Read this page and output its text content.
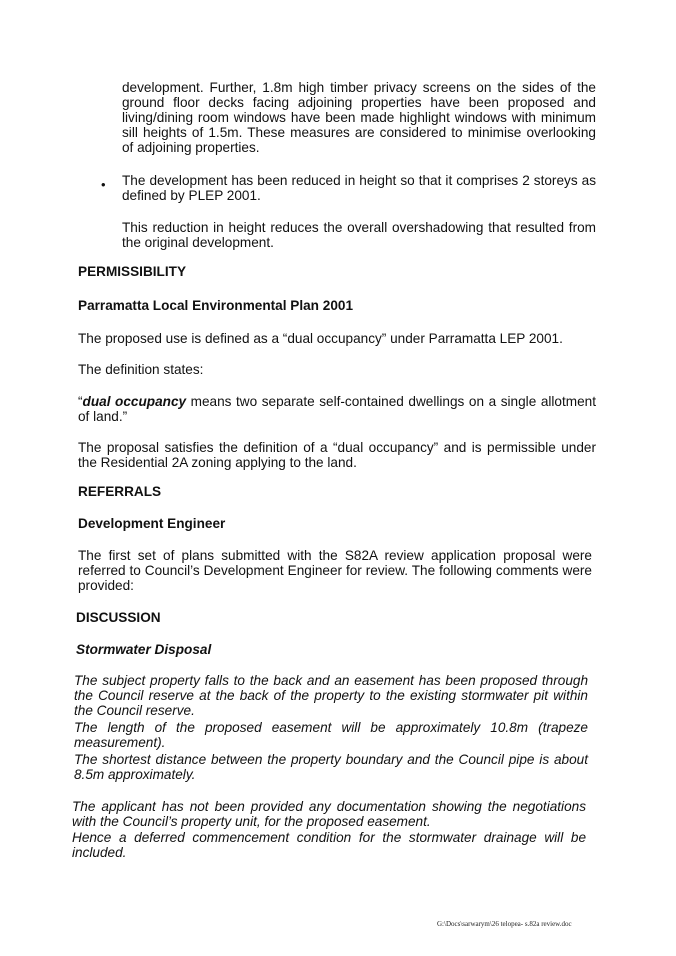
development. Further, 1.8m high timber privacy screens on the sides of the ground floor decks facing adjoining properties have been proposed and living/dining room windows have been made highlight windows with minimum sill heights of 1.5m. These measures are considered to minimise overlooking of adjoining properties.
• The development has been reduced in height so that it comprises 2 storeys as defined by PLEP 2001.
This reduction in height reduces the overall overshadowing that resulted from the original development.
PERMISSIBILITY
Parramatta Local Environmental Plan 2001
The proposed use is defined as a “dual occupancy” under Parramatta LEP 2001.
The definition states:
“dual occupancy means two separate self-contained dwellings on a single allotment of land.”
The proposal satisfies the definition of a “dual occupancy” and is permissible under the Residential 2A zoning applying to the land.
REFERRALS
Development Engineer
The first set of plans submitted with the S82A review application proposal were referred to Council’s Development Engineer for review. The following comments were provided:
DISCUSSION
Stormwater Disposal
The subject property falls to the back and an easement has been proposed through the Council reserve at the back of the property to the existing stormwater pit within the Council reserve.
The length of the proposed easement will be approximately 10.8m (trapeze measurement).
The shortest distance between the property boundary and the Council pipe is about 8.5m approximately.
The applicant has not been provided any documentation showing the negotiations with the Council’s property unit, for the proposed easement.
Hence a deferred commencement condition for the stormwater drainage will be included.
G:\Docs\sarwarym\26 telopea- s.82a review.doc
